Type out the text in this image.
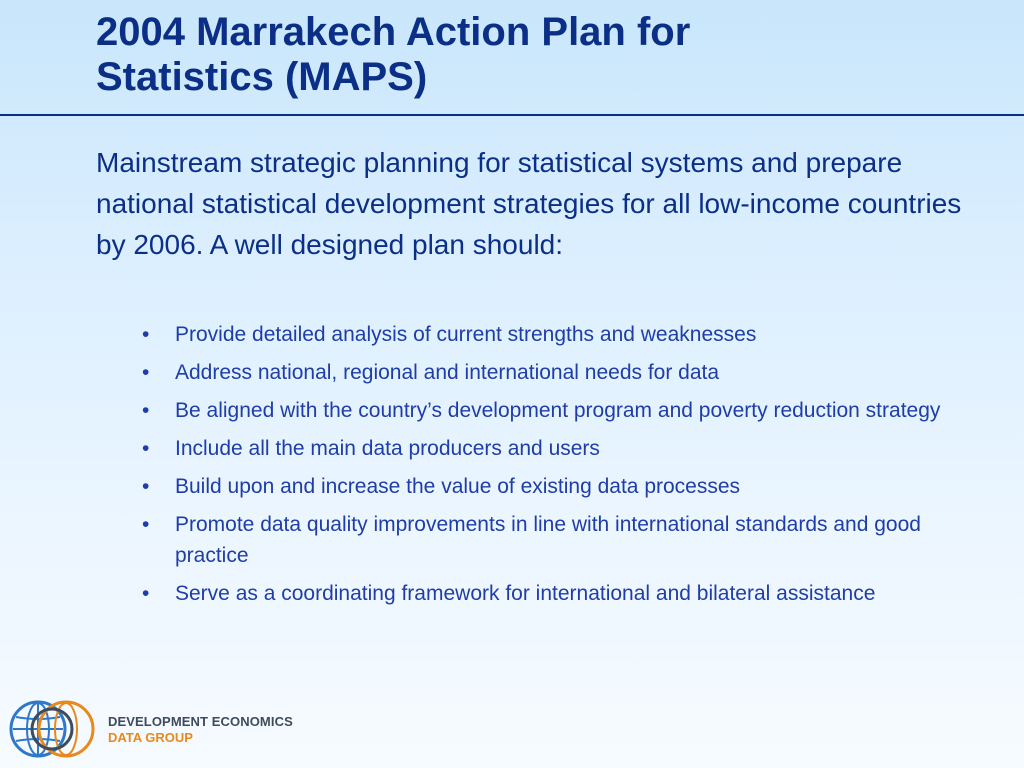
2004 Marrakech Action Plan for
Statistics (MAPS)

Mainstream strategic planning for statistical systems and prepare national statistical development strategies for all low-income countries by 2006. A well designed plan should:

• Provide detailed analysis of current strengths and weaknesses
• Address national, regional and international needs for data
• Be aligned with the country’s development program and poverty reduction strategy
• Include all the main data producers and users
• Build upon and increase the value of existing data processes
• Promote data quality improvements in line with international standards and good practice
• Serve as a coordinating framework for international and bilateral assistance
DEVELOPMENT ECONOMICS
DATA GROUP
